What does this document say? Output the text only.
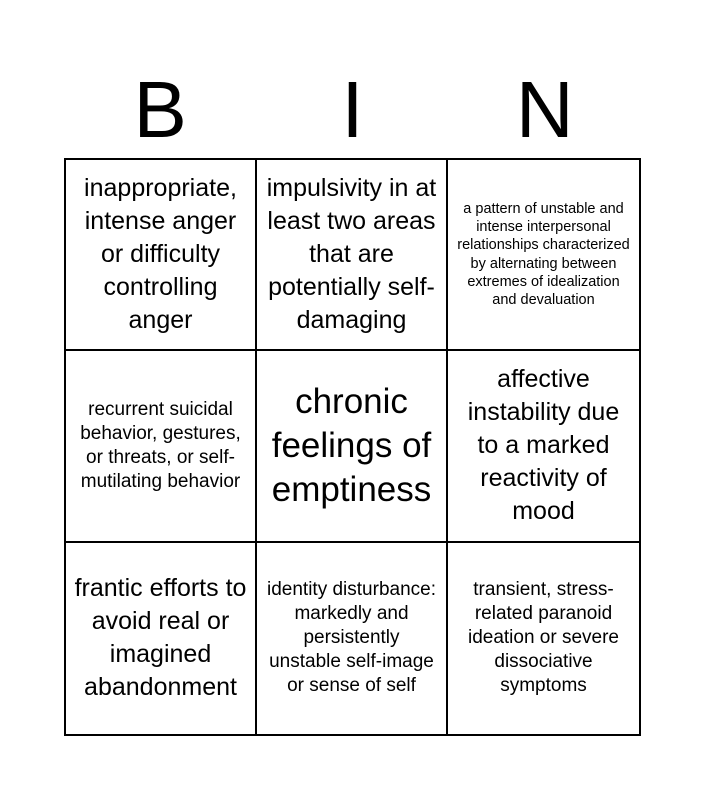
B	I	N
inappropriate, intense anger or difficulty controlling anger
impulsivity in at least two areas that are potentially self-damaging
a pattern of unstable and intense interpersonal relationships characterized by alternating between extremes of idealization and devaluation
recurrent suicidal behavior, gestures, or threats, or self-mutilating behavior
chronic feelings of emptiness
affective instability due to a marked reactivity of mood
frantic efforts to avoid real or imagined abandonment
identity disturbance: markedly and persistently unstable self-image or sense of self
transient, stress-related paranoid ideation or severe dissociative symptoms
